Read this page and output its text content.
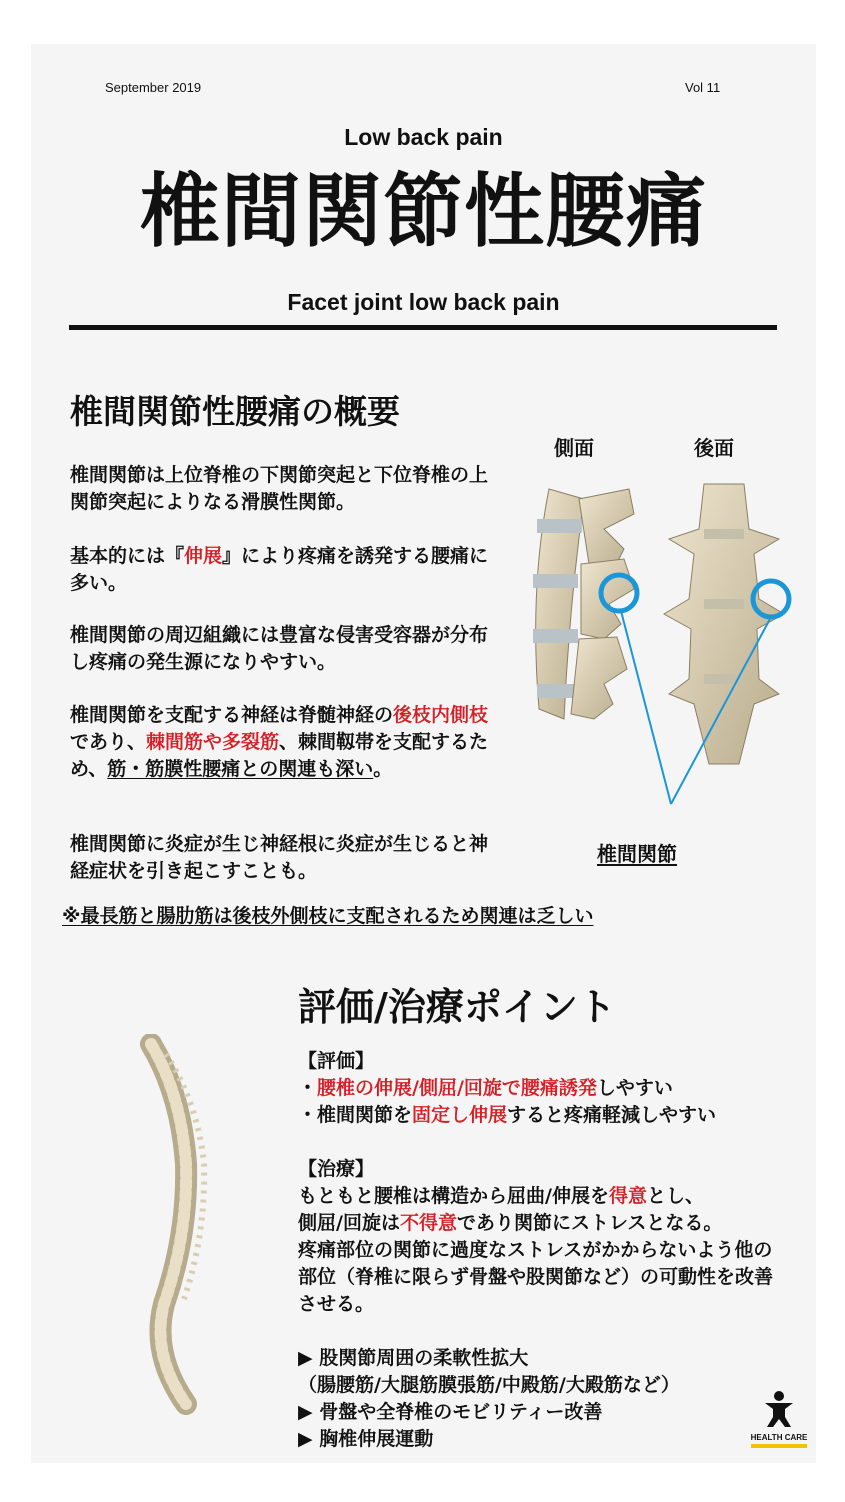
September 2019	Vol 11
Low back pain
椎間関節性腰痛
Facet joint low back pain
椎間関節性腰痛の概要
椎間関節は上位脊椎の下関節突起と下位脊椎の上関節突起によりなる滑膜性関節。
基本的には『伸展』により疼痛を誘発する腰痛に多い。
椎間関節の周辺組織には豊富な侵害受容器が分布し疼痛の発生源になりやすい。
椎間関節を支配する神経は脊髄神経の後枝内側枝であり、棘間筋や多裂筋、棘間靱帯を支配するため、筋・筋膜性腰痛との関連も深い。
椎間関節に炎症が生じ神経根に炎症が生じると神経症状を引き起こすことも。
※最長筋と腸肋筋は後枝外側枝に支配されるため関連は乏しい
側面	後面
椎間関節
評価/治療ポイント
【評価】
・腰椎の伸展/側屈/回旋で腰痛誘発しやすい
・椎間関節を固定し伸展すると疼痛軽減しやすい
【治療】
もともと腰椎は構造から屈曲/伸展を得意とし、
側屈/回旋は不得意であり関節にストレスとなる。
疼痛部位の関節に過度なストレスがかからないよう他の部位（脊椎に限らず骨盤や股関節など）の可動性を改善させる。
▶ 股関節周囲の柔軟性拡大
（腸腰筋/大腿筋膜張筋/中殿筋/大殿筋など）
▶ 骨盤や全脊椎のモビリティー改善
▶ 胸椎伸展運動	HEALTH CARE
